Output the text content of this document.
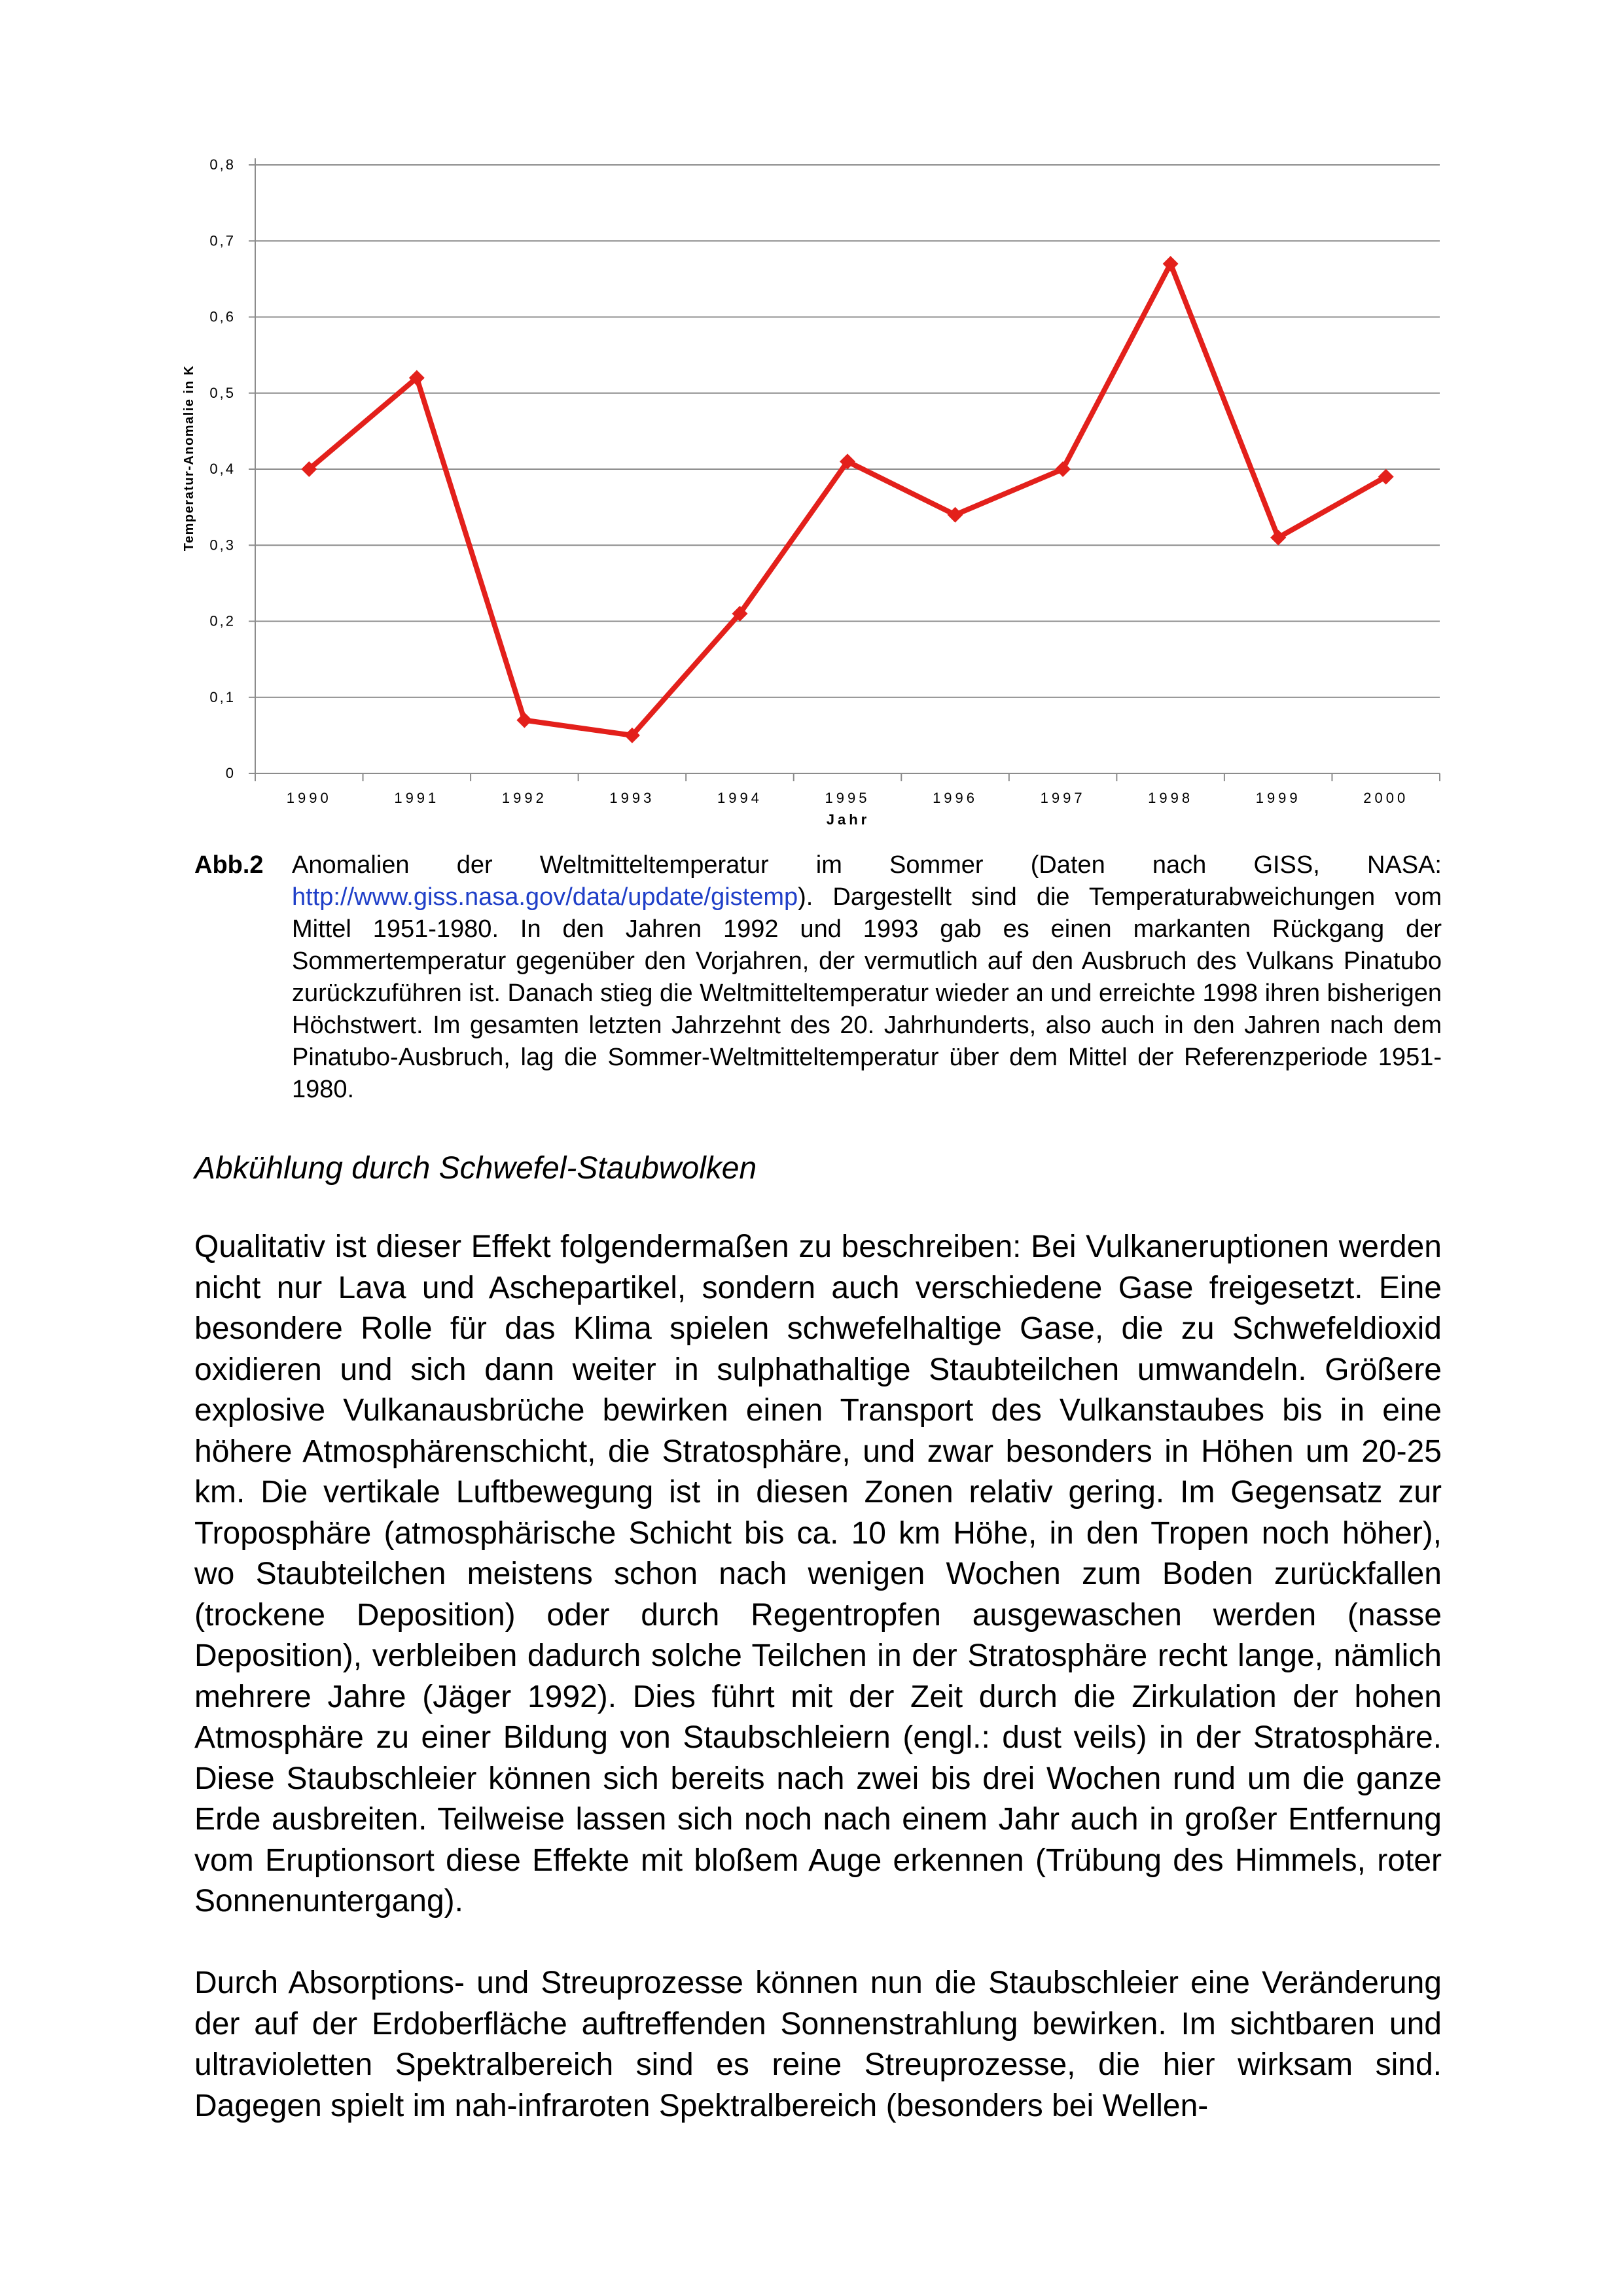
0
0,1
0,2
0,3
0,4
0,5
0,6
0,7
0,8
1990	1991	1992	1993	1994	1995	1996	1997	1998	1999	2000
Temperatur-Anomalie in K
Jahr
Abb.2 Anomalien der Weltmitteltemperatur im Sommer (Daten nach GISS, NASA: http://www.giss.nasa.gov/data/update/gistemp). Dargestellt sind die Temperaturabweichungen vom Mittel 1951-1980. In den Jahren 1992 und 1993 gab es einen markanten Rückgang der Sommertemperatur gegenüber den Vorjahren, der vermutlich auf den Ausbruch des Vulkans Pinatubo zurückzuführen ist. Danach stieg die Weltmitteltemperatur wieder an und erreichte 1998 ihren bisherigen Höchstwert. Im gesamten letzten Jahrzehnt des 20. Jahrhunderts, also auch in den Jahren nach dem Pinatubo-Ausbruch, lag die Sommer-Weltmitteltemperatur über dem Mittel der Referenzperiode 1951-1980.
Abkühlung durch Schwefel-Staubwolken
Qualitativ ist dieser Effekt folgendermaßen zu beschreiben: Bei Vulkaneruptionen werden nicht nur Lava und Aschepartikel, sondern auch verschiedene Gase freigesetzt. Eine besondere Rolle für das Klima spielen schwefelhaltige Gase, die zu Schwefeldioxid oxidieren und sich dann weiter in sulphathaltige Staubteilchen umwandeln. Größere explosive Vulkanausbrüche bewirken einen Transport des Vulkanstaubes bis in eine höhere Atmosphärenschicht, die Stratosphäre, und zwar besonders in Höhen um 20-25 km. Die vertikale Luftbewegung ist in diesen Zonen relativ gering. Im Gegensatz zur Troposphäre (atmosphärische Schicht bis ca. 10 km Höhe, in den Tropen noch höher), wo Staubteilchen meistens schon nach wenigen Wochen zum Boden zurückfallen (trockene Deposition) oder durch Regentropfen ausgewaschen werden (nasse Deposition), verbleiben dadurch solche Teilchen in der Stratosphäre recht lange, nämlich mehrere Jahre (Jäger 1992). Dies führt mit der Zeit durch die Zirkulation der hohen Atmosphäre zu einer Bildung von Staubschleiern (engl.: dust veils) in der Stratosphäre. Diese Staubschleier können sich bereits nach zwei bis drei Wochen rund um die ganze Erde ausbreiten. Teilweise lassen sich noch nach einem Jahr auch in großer Entfernung vom Eruptionsort diese Effekte mit bloßem Auge erkennen (Trübung des Himmels, roter Sonnenuntergang).
Durch Absorptions- und Streuprozesse können nun die Staubschleier eine Veränderung der auf der Erdoberfläche auftreffenden Sonnenstrahlung bewirken. Im sichtbaren und ultravioletten Spektralbereich sind es reine Streuprozesse, die hier wirksam sind. Dagegen spielt im nah-infraroten Spektralbereich (besonders bei Wellen-
